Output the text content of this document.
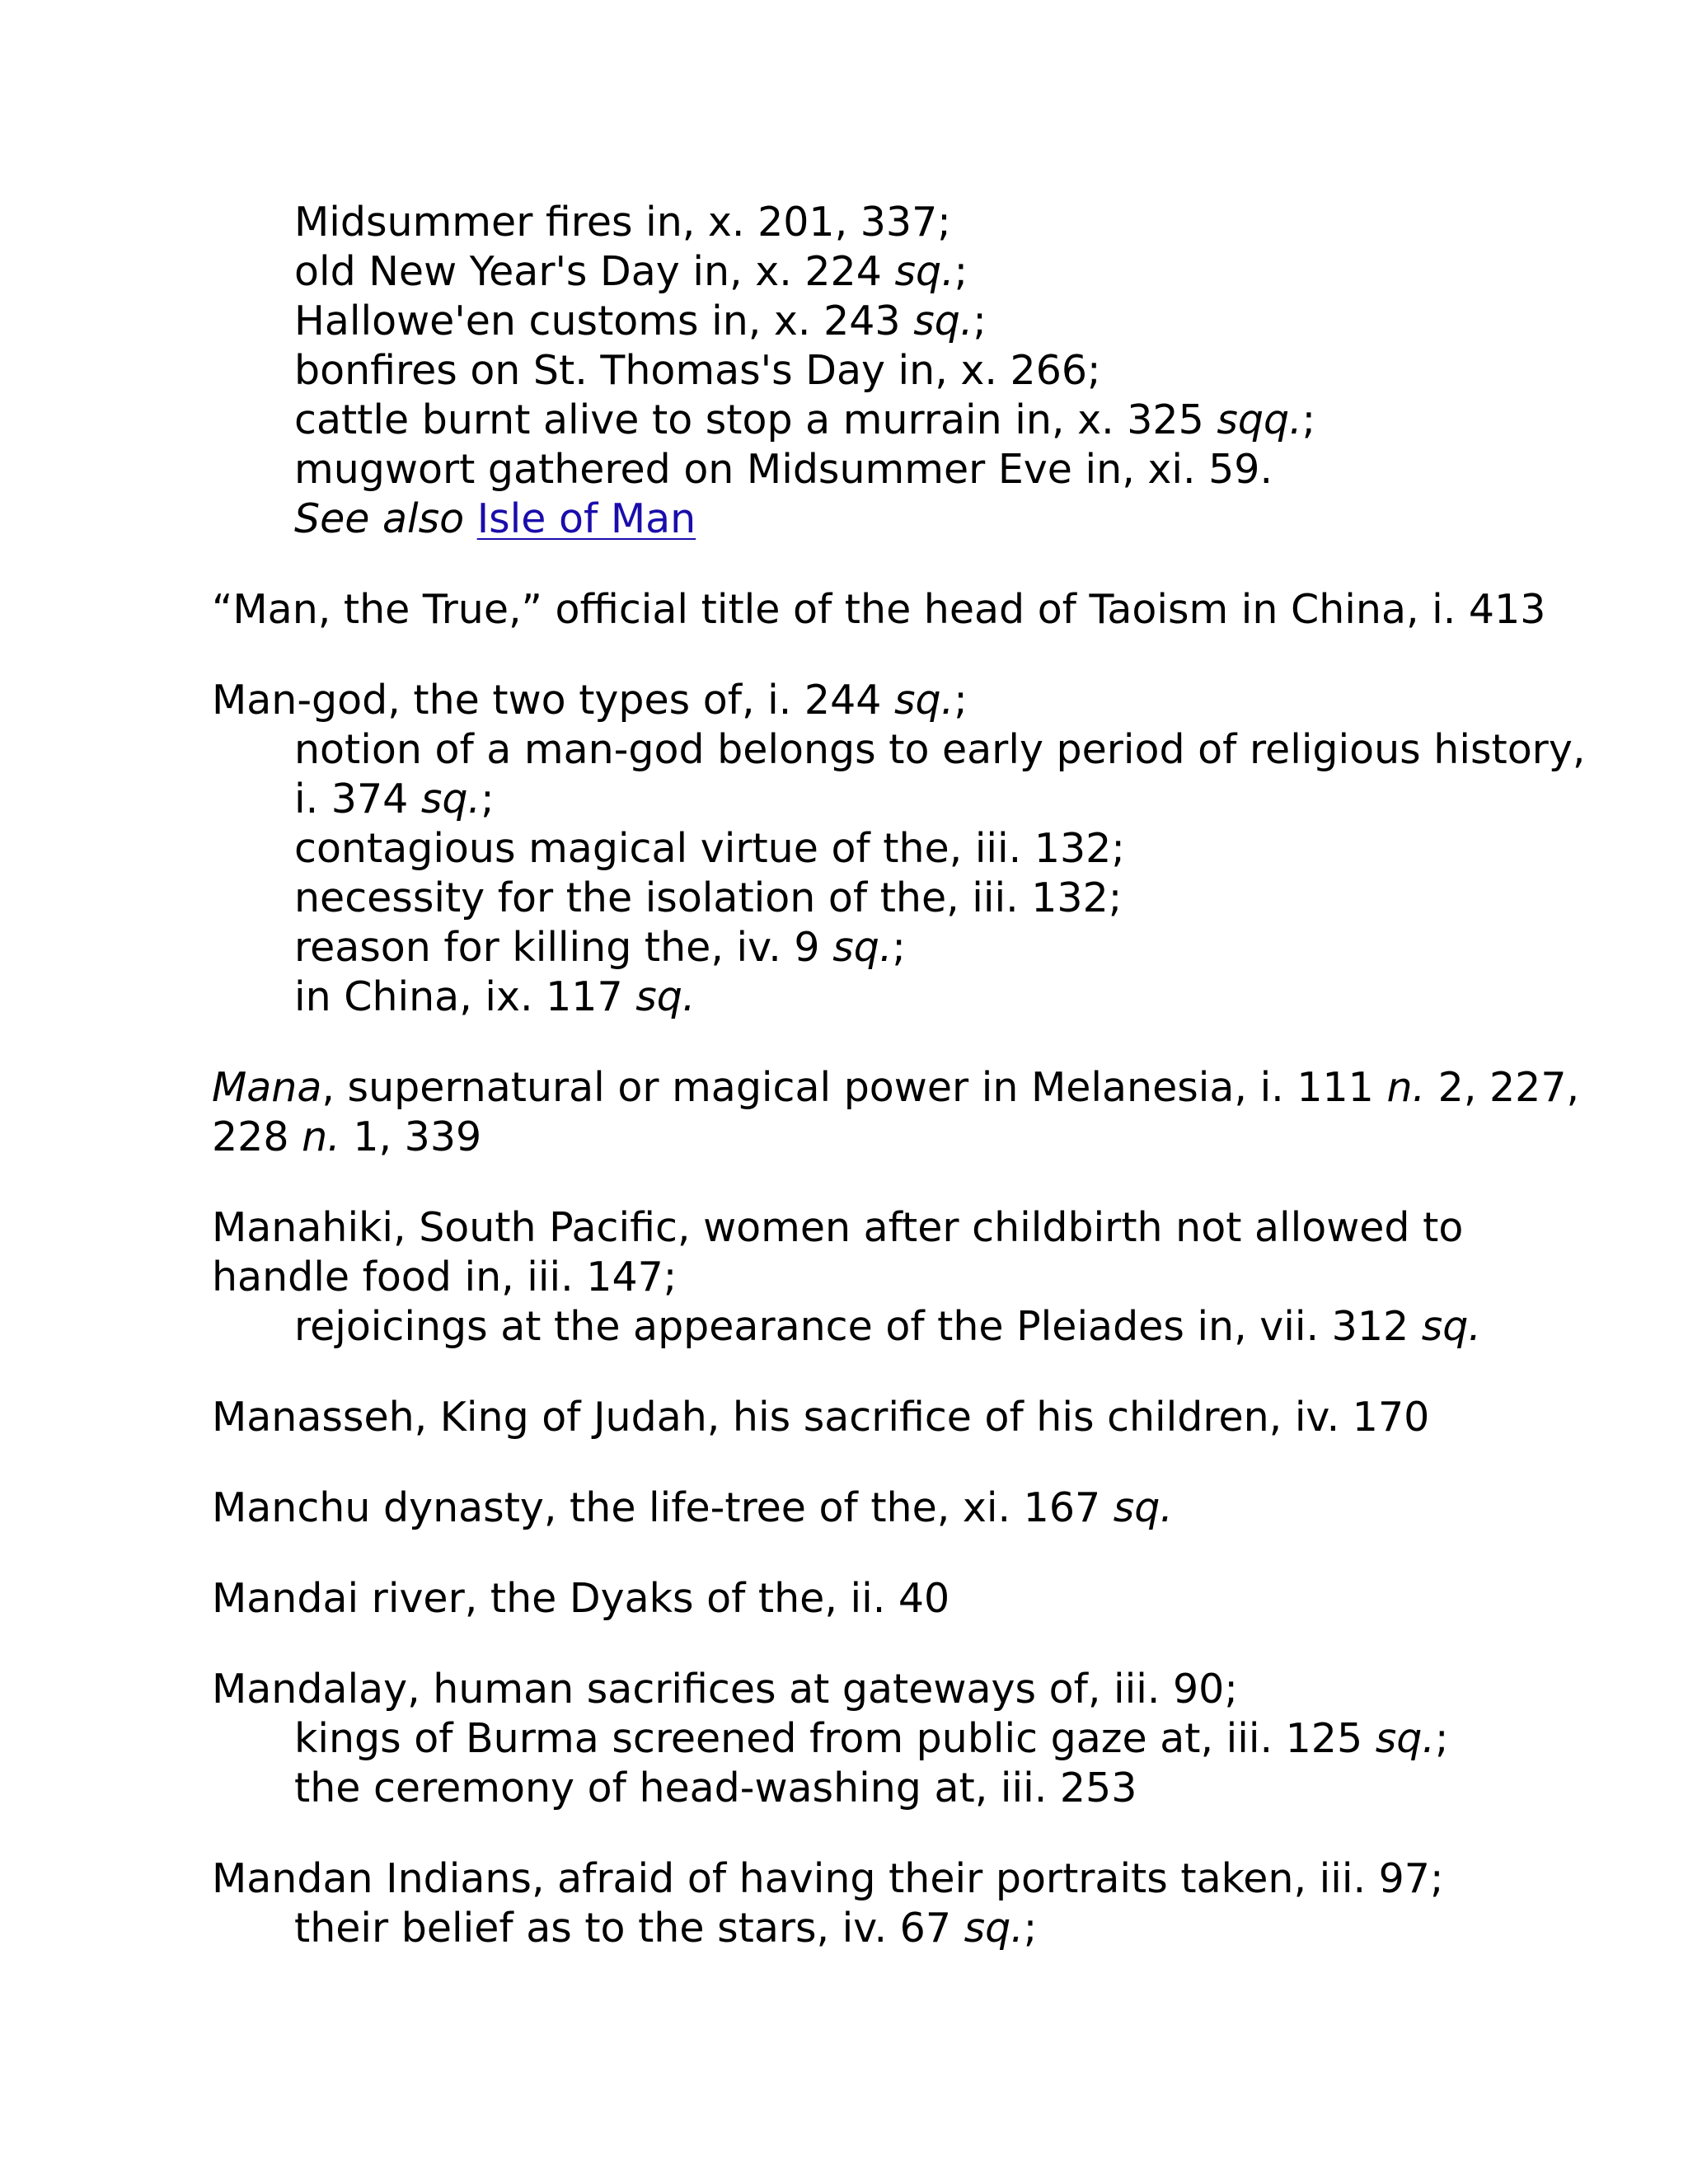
Midsummer fires in, x. 201, 337;
old New Year's Day in, x. 224 sq.;
Hallowe'en customs in, x. 243 sq.;
bonfires on St. Thomas's Day in, x. 266;
cattle burnt alive to stop a murrain in, x. 325 sqq.;
mugwort gathered on Midsummer Eve in, xi. 59.
See also Isle of Man
“Man, the True,” official title of the head of Taoism in China, i. 413
Man-god, the two types of, i. 244 sq.;
notion of a man-god belongs to early period of religious history,
i. 374 sq.;
contagious magical virtue of the, iii. 132;
necessity for the isolation of the, iii. 132;
reason for killing the, iv. 9 sq.;
in China, ix. 117 sq.
Mana, supernatural or magical power in Melanesia, i. 111 n. 2, 227,
228 n. 1, 339
Manahiki, South Pacific, women after childbirth not allowed to
handle food in, iii. 147;
rejoicings at the appearance of the Pleiades in, vii. 312 sq.
Manasseh, King of Judah, his sacrifice of his children, iv. 170
Manchu dynasty, the life-tree of the, xi. 167 sq.
Mandai river, the Dyaks of the, ii. 40
Mandalay, human sacrifices at gateways of, iii. 90;
kings of Burma screened from public gaze at, iii. 125 sq.;
the ceremony of head-washing at, iii. 253
Mandan Indians, afraid of having their portraits taken, iii. 97;
their belief as to the stars, iv. 67 sq.;
